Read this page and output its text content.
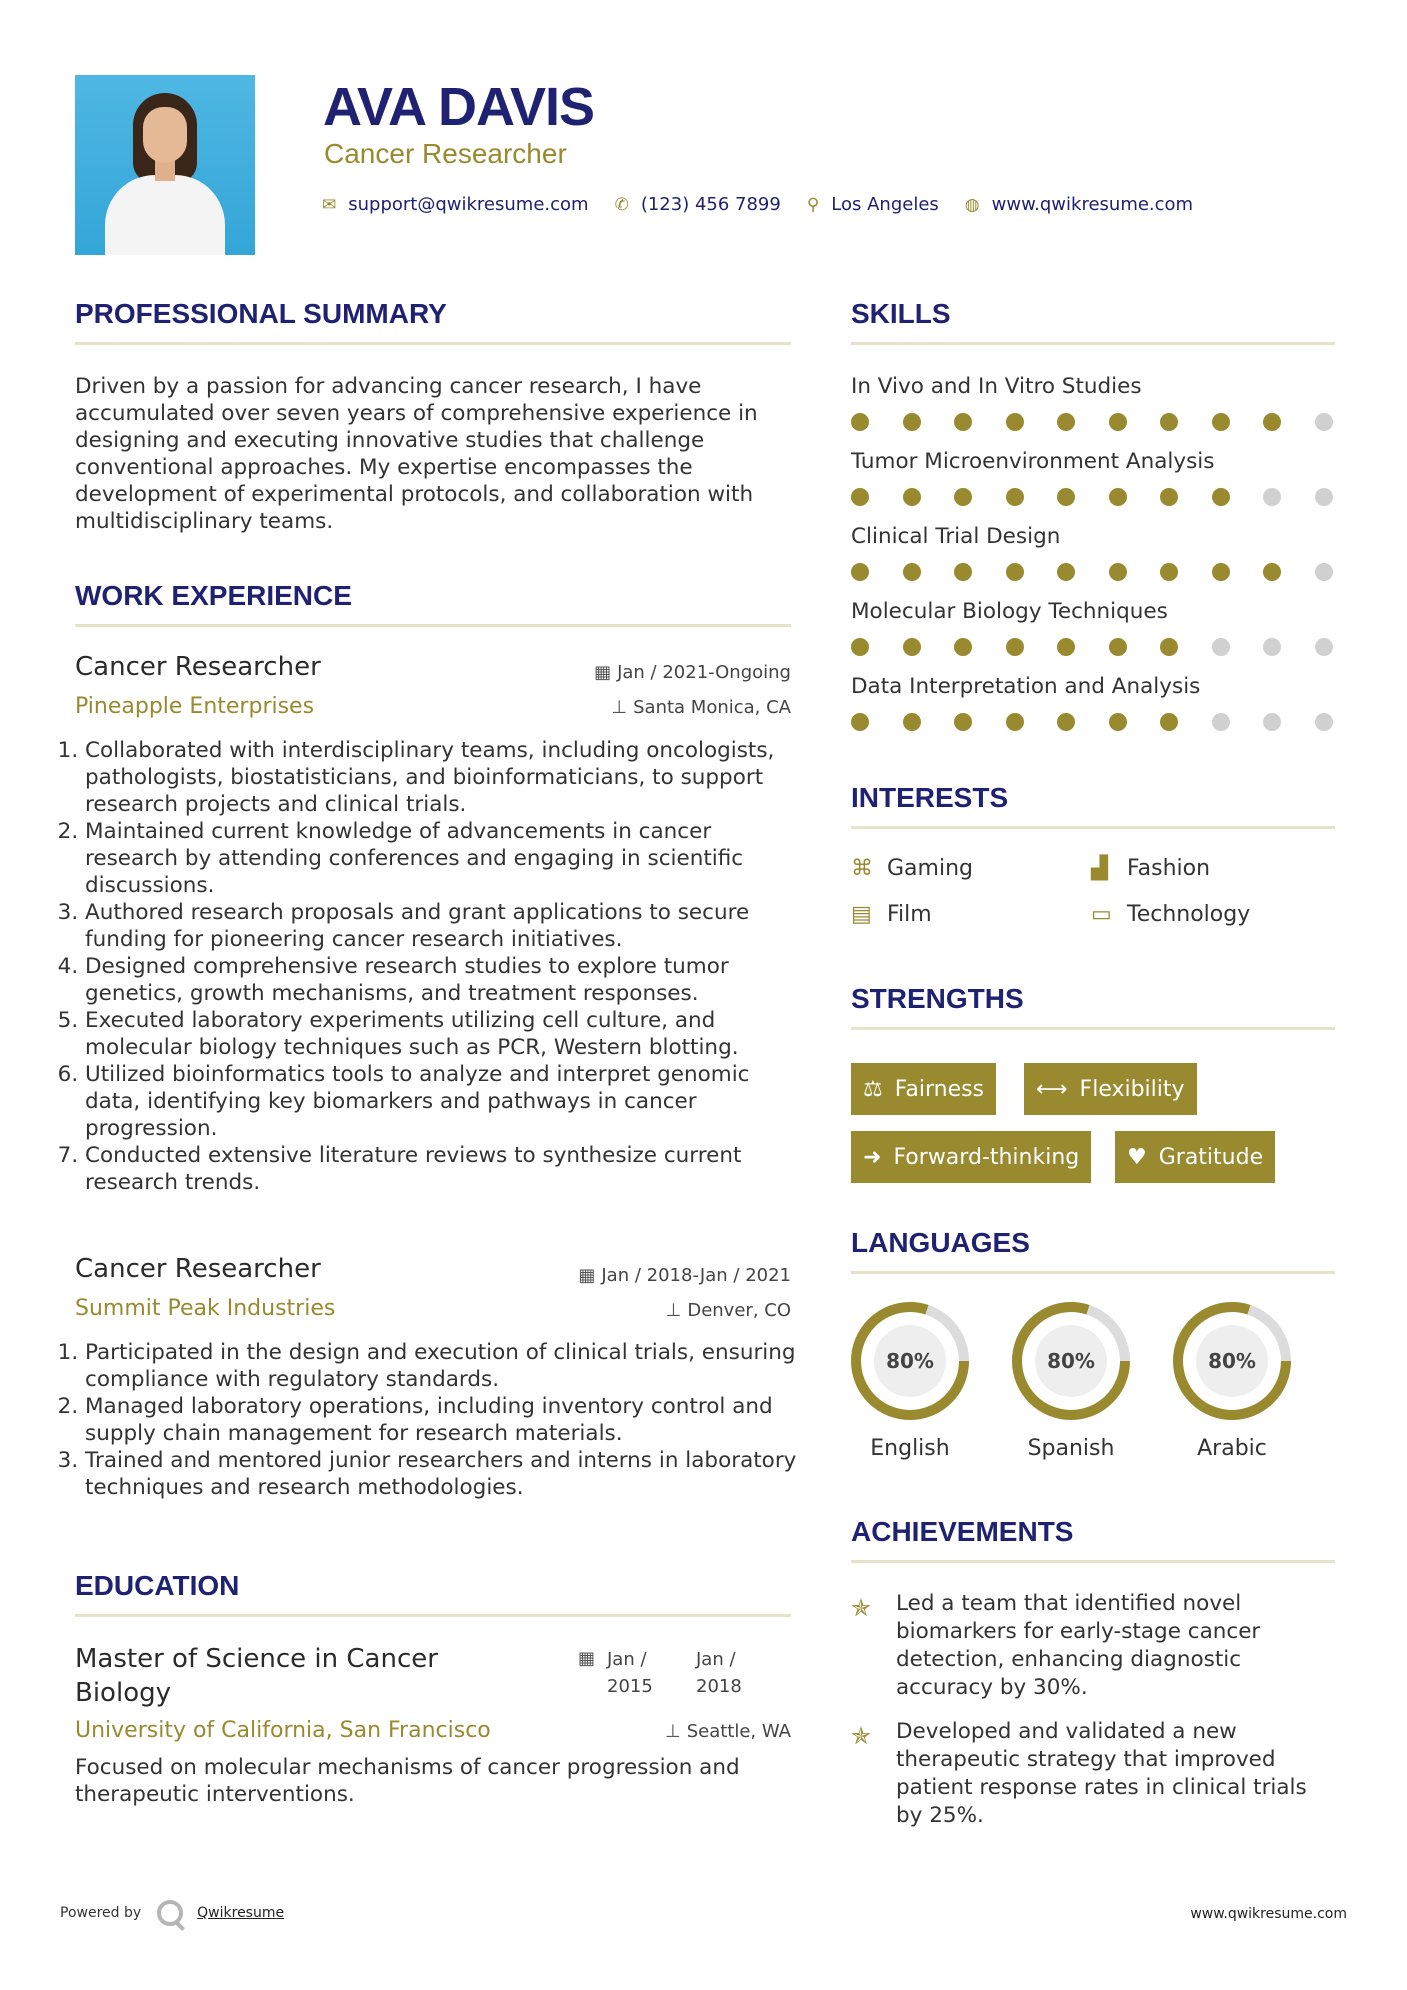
AVA DAVIS
Cancer Researcher
✉ support@qwikresume.com ✆ (123) 456 7899 ⚲ Los Angeles ◍ www.qwikresume.com
PROFESSIONAL SUMMARY
Driven by a passion for advancing cancer research, I have accumulated over seven years of comprehensive experience in designing and executing innovative studies that challenge conventional approaches. My expertise encompasses the development of experimental protocols, and collaboration with multidisciplinary teams.
WORK EXPERIENCE
Cancer Researcher
Pineapple Enterprises
▦ Jan / 2021-Ongoing
⊥ Santa Monica, CA
1. Collaborated with interdisciplinary teams, including oncologists, pathologists, biostatisticians, and bioinformaticians, to support research projects and clinical trials.
2. Maintained current knowledge of advancements in cancer research by attending conferences and engaging in scientific discussions.
3. Authored research proposals and grant applications to secure funding for pioneering cancer research initiatives.
4. Designed comprehensive research studies to explore tumor genetics, growth mechanisms, and treatment responses.
5. Executed laboratory experiments utilizing cell culture, and molecular biology techniques such as PCR, Western blotting.
6. Utilized bioinformatics tools to analyze and interpret genomic data, identifying key biomarkers and pathways in cancer progression.
7. Conducted extensive literature reviews to synthesize current research trends.
Cancer Researcher
Summit Peak Industries
▦ Jan / 2018-Jan / 2021
⊥ Denver, CO
1. Participated in the design and execution of clinical trials, ensuring compliance with regulatory standards.
2. Managed laboratory operations, including inventory control and supply chain management for research materials.
3. Trained and mentored junior researchers and interns in laboratory techniques and research methodologies.
EDUCATION
Master of Science in Cancer
Biology
▦ Jan /
2015
Jan /
2018
University of California, San Francisco	⊥ Seattle, WA
Focused on molecular mechanisms of cancer progression and therapeutic interventions.
SKILLS
In Vivo and In Vitro Studies
Tumor Microenvironment Analysis
Clinical Trial Design
Molecular Biology Techniques
Data Interpretation and Analysis
INTERESTS
⌘ Gaming	▟ Fashion
▤ Film	▭ Technology
STRENGTHS
⚖ Fairness ⟷ Flexibility
➜ Forward-thinking ♥ Gratitude
LANGUAGES
80%
English
80%
Spanish
80%
Arabic
ACHIEVEMENTS
✯ Led a team that identified novel biomarkers for early-stage cancer detection, enhancing diagnostic accuracy by 30%.
✯ Developed and validated a new therapeutic strategy that improved patient response rates in clinical trials by 25%.
Powered by	Qwikresume	www.qwikresume.com
